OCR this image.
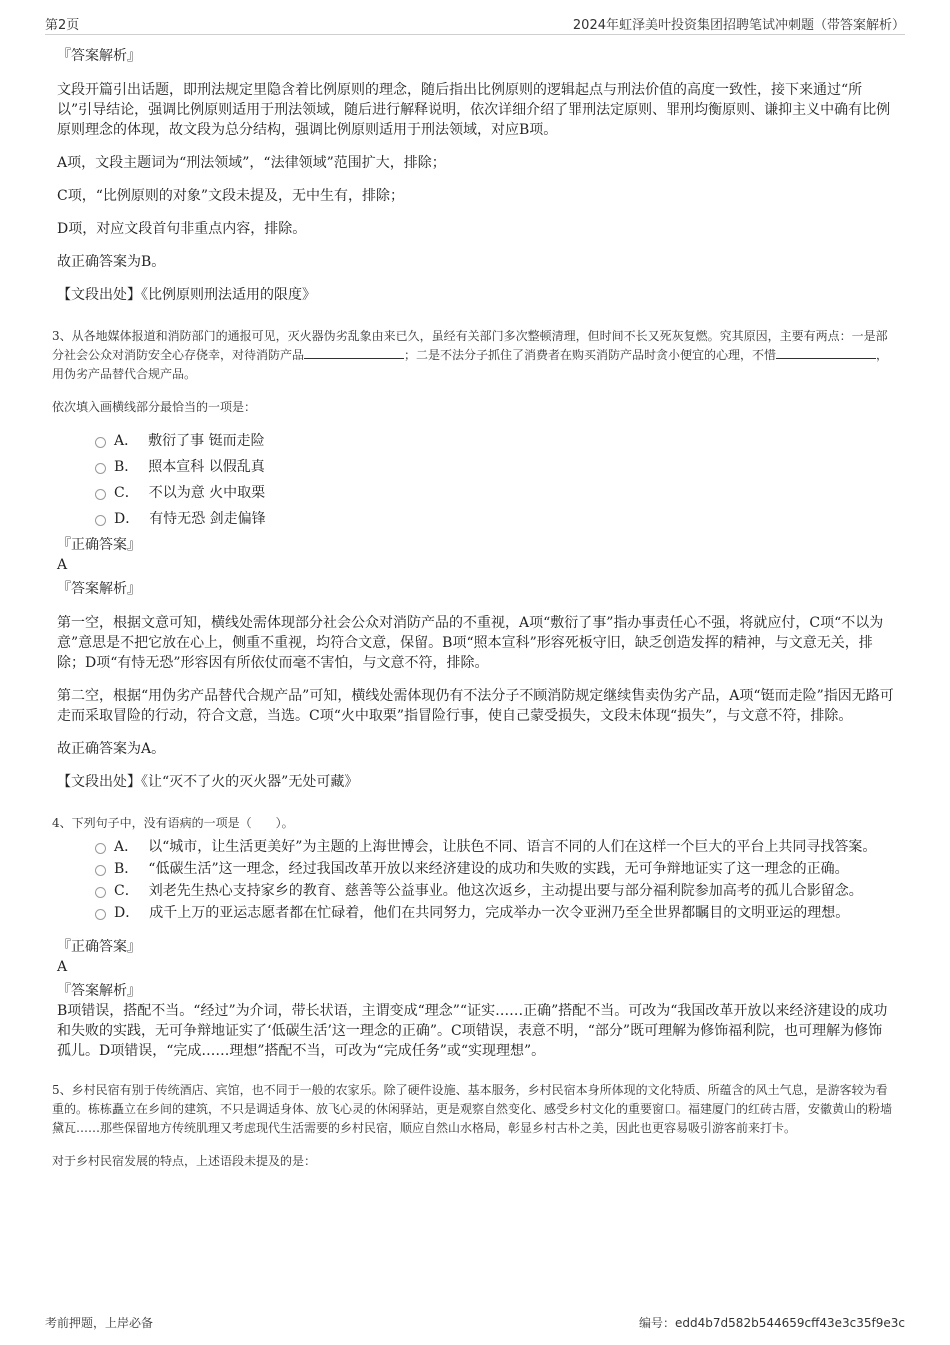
第2页	2024年虹泽美叶投资集团招聘笔试冲刺题（带答案解析）
『答案解析』

文段开篇引出话题，即刑法规定里隐含着比例原则的理念，随后指出比例原则的逻辑起点与刑法价值的高度一致性，接下来通过“所以”引导结论，强调比例原则适用于刑法领域，随后进行解释说明，依次详细介绍了罪刑法定原则、罪刑均衡原则、谦抑主义中确有比例原则理念的体现，故文段为总分结构，强调比例原则适用于刑法领域，对应B项。

A项，文段主题词为“刑法领域”，“法律领域”范围扩大，排除；

C项，“比例原则的对象”文段未提及，无中生有，排除；

D项，对应文段首句非重点内容，排除。

故正确答案为B。

【文段出处】《比例原则刑法适用的限度》
3、从各地媒体报道和消防部门的通报可见，灭火器伪劣乱象由来已久，虽经有关部门多次整顿清理，但时间不长又死灰复燃。究其原因，主要有两点：一是部分社会公众对消防安全心存侥幸，对待消防产品	；二是不法分子抓住了消费者在购买消防产品时贪小便宜的心理，不惜	，用伪劣产品替代合规产品。
依次填入画横线部分最恰当的一项是：
A． 敷衍了事 铤而走险
B． 照本宣科 以假乱真
C． 不以为意 火中取栗
D． 有恃无恐 剑走偏锋
『正确答案』
A
『答案解析』

第一空，根据文意可知，横线处需体现部分社会公众对消防产品的不重视，A项“敷衍了事”指办事责任心不强，将就应付，C项“不以为意”意思是不把它放在心上，侧重不重视，均符合文意，保留。B项“照本宣科”形容死板守旧，缺乏创造发挥的精神，与文意无关，排除；D项“有恃无恐”形容因有所依仗而毫不害怕，与文意不符，排除。

第二空，根据“用伪劣产品替代合规产品”可知，横线处需体现仍有不法分子不顾消防规定继续售卖伪劣产品，A项“铤而走险”指因无路可走而采取冒险的行动，符合文意，当选。C项“火中取栗”指冒险行事，使自己蒙受损失，文段未体现“损失”，与文意不符，排除。

故正确答案为A。

【文段出处】《让“灭不了火的灭火器”无处可藏》
4、下列句子中，没有语病的一项是（　　）。
A． 以“城市，让生活更美好”为主题的上海世博会，让肤色不同、语言不同的人们在这样一个巨大的平台上共同寻找答案。
B． “低碳生活”这一理念，经过我国改革开放以来经济建设的成功和失败的实践，无可争辩地证实了这一理念的正确。
C． 刘老先生热心支持家乡的教育、慈善等公益事业。他这次返乡，主动提出要与部分福利院参加高考的孤儿合影留念。
D． 成千上万的亚运志愿者都在忙碌着，他们在共同努力，完成举办一次令亚洲乃至全世界都瞩目的文明亚运的理想。
『正确答案』
A
『答案解析』

B项错误，搭配不当。“经过”为介词，带长状语，主谓变成“理念”“证实……正确”搭配不当。可改为“我国改革开放以来经济建设的成功和失败的实践，无可争辩地证实了‘低碳生活’这一理念的正确”。C项错误，表意不明，“部分”既可理解为修饰福利院，也可理解为修饰孤儿。D项错误，“完成……理想”搭配不当，可改为“完成任务”或“实现理想”。

5、乡村民宿有别于传统酒店、宾馆，也不同于一般的农家乐。除了硬件设施、基本服务，乡村民宿本身所体现的文化特质、所蕴含的风土气息，是游客较为看重的。栋栋矗立在乡间的建筑，不只是调适身体、放飞心灵的休闲驿站，更是观察自然变化、感受乡村文化的重要窗口。福建厦门的红砖古厝，安徽黄山的粉墙黛瓦……那些保留地方传统肌理又考虑现代生活需要的乡村民宿，顺应自然山水格局，彰显乡村古朴之美，因此也更容易吸引游客前来打卡。
对于乡村民宿发展的特点，上述语段未提及的是：
考前押题，上岸必备	编号：edd4b7d582b544659cff43e3c35f9e3c
